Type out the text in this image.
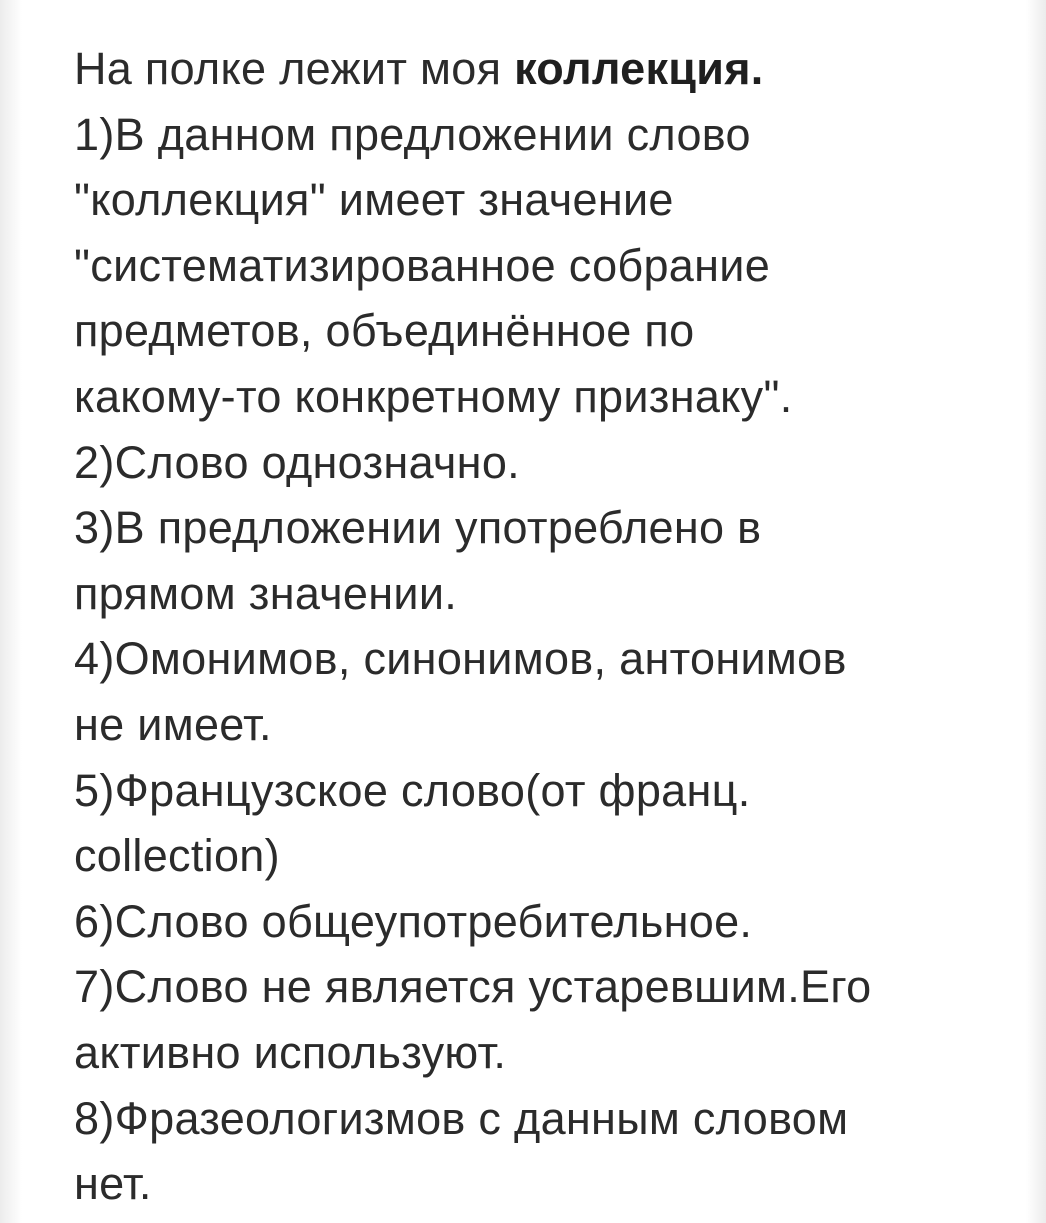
На полке лежит моя коллекция.
1)В данном предложении слово
"коллекция" имеет значение
"систематизированное собрание
предметов, объединённое по
какому-то конкретному признаку".
2)Слово однозначно.
3)В предложении употреблено в
прямом значении.
4)Омонимов, синонимов, антонимов
не имеет.
5)Французское слово(от франц.
collection)
6)Слово общеупотребительное.
7)Слово не является устаревшим.Его
активно используют.
8)Фразеологизмов с данным словом
нет.
